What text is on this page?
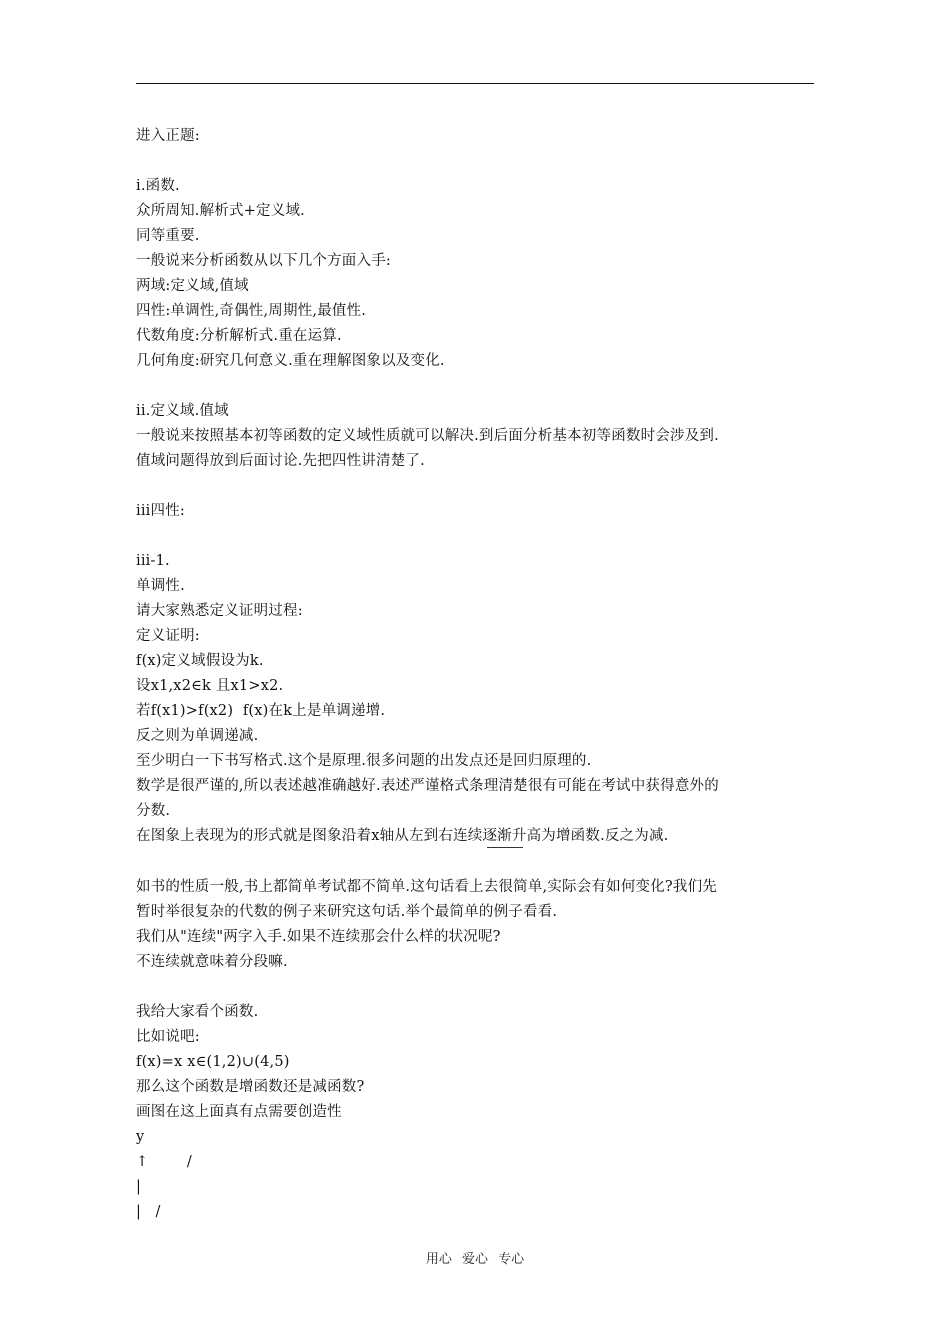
进入正题:
i.函数.
众所周知.解析式+定义域.
同等重要.
一般说来分析函数从以下几个方面入手:
两域:定义域,值域
四性:单调性,奇偶性,周期性,最值性.
代数角度:分析解析式.重在运算.
几何角度:研究几何意义.重在理解图象以及变化.
ii.定义域.值域
一般说来按照基本初等函数的定义域性质就可以解决.到后面分析基本初等函数时会涉及到.
值域问题得放到后面讨论.先把四性讲清楚了.
iii四性:
iii-1.
单调性.
请大家熟悉定义证明过程:
定义证明:
f(x)定义域假设为k.
设x1,x2∈k 且x1>x2.
若f(x1)>f(x2)  f(x)在k上是单调递增.
反之则为单调递减.
至少明白一下书写格式.这个是原理.很多问题的出发点还是回归原理的.
数学是很严谨的,所以表述越准确越好.表述严谨格式条理清楚很有可能在考试中获得意外的
分数.
在图象上表现为的形式就是图象沿着x轴从左到右连续逐渐升高为增函数.反之为减.
如书的性质一般,书上都简单考试都不简单.这句话看上去很简单,实际会有如何变化?我们先
暂时举很复杂的代数的例子来研究这句话.举个最简单的例子看看.
我们从"连续"两字入手.如果不连续那会什么样的状况呢?
不连续就意味着分段嘛.
我给大家看个函数.
比如说吧:
f(x)=x x∈(1,2)∪(4,5)
那么这个函数是增函数还是减函数?
画图在这上面真有点需要创造性
y
↑        /
|
|   /
用心 爱心 专心
